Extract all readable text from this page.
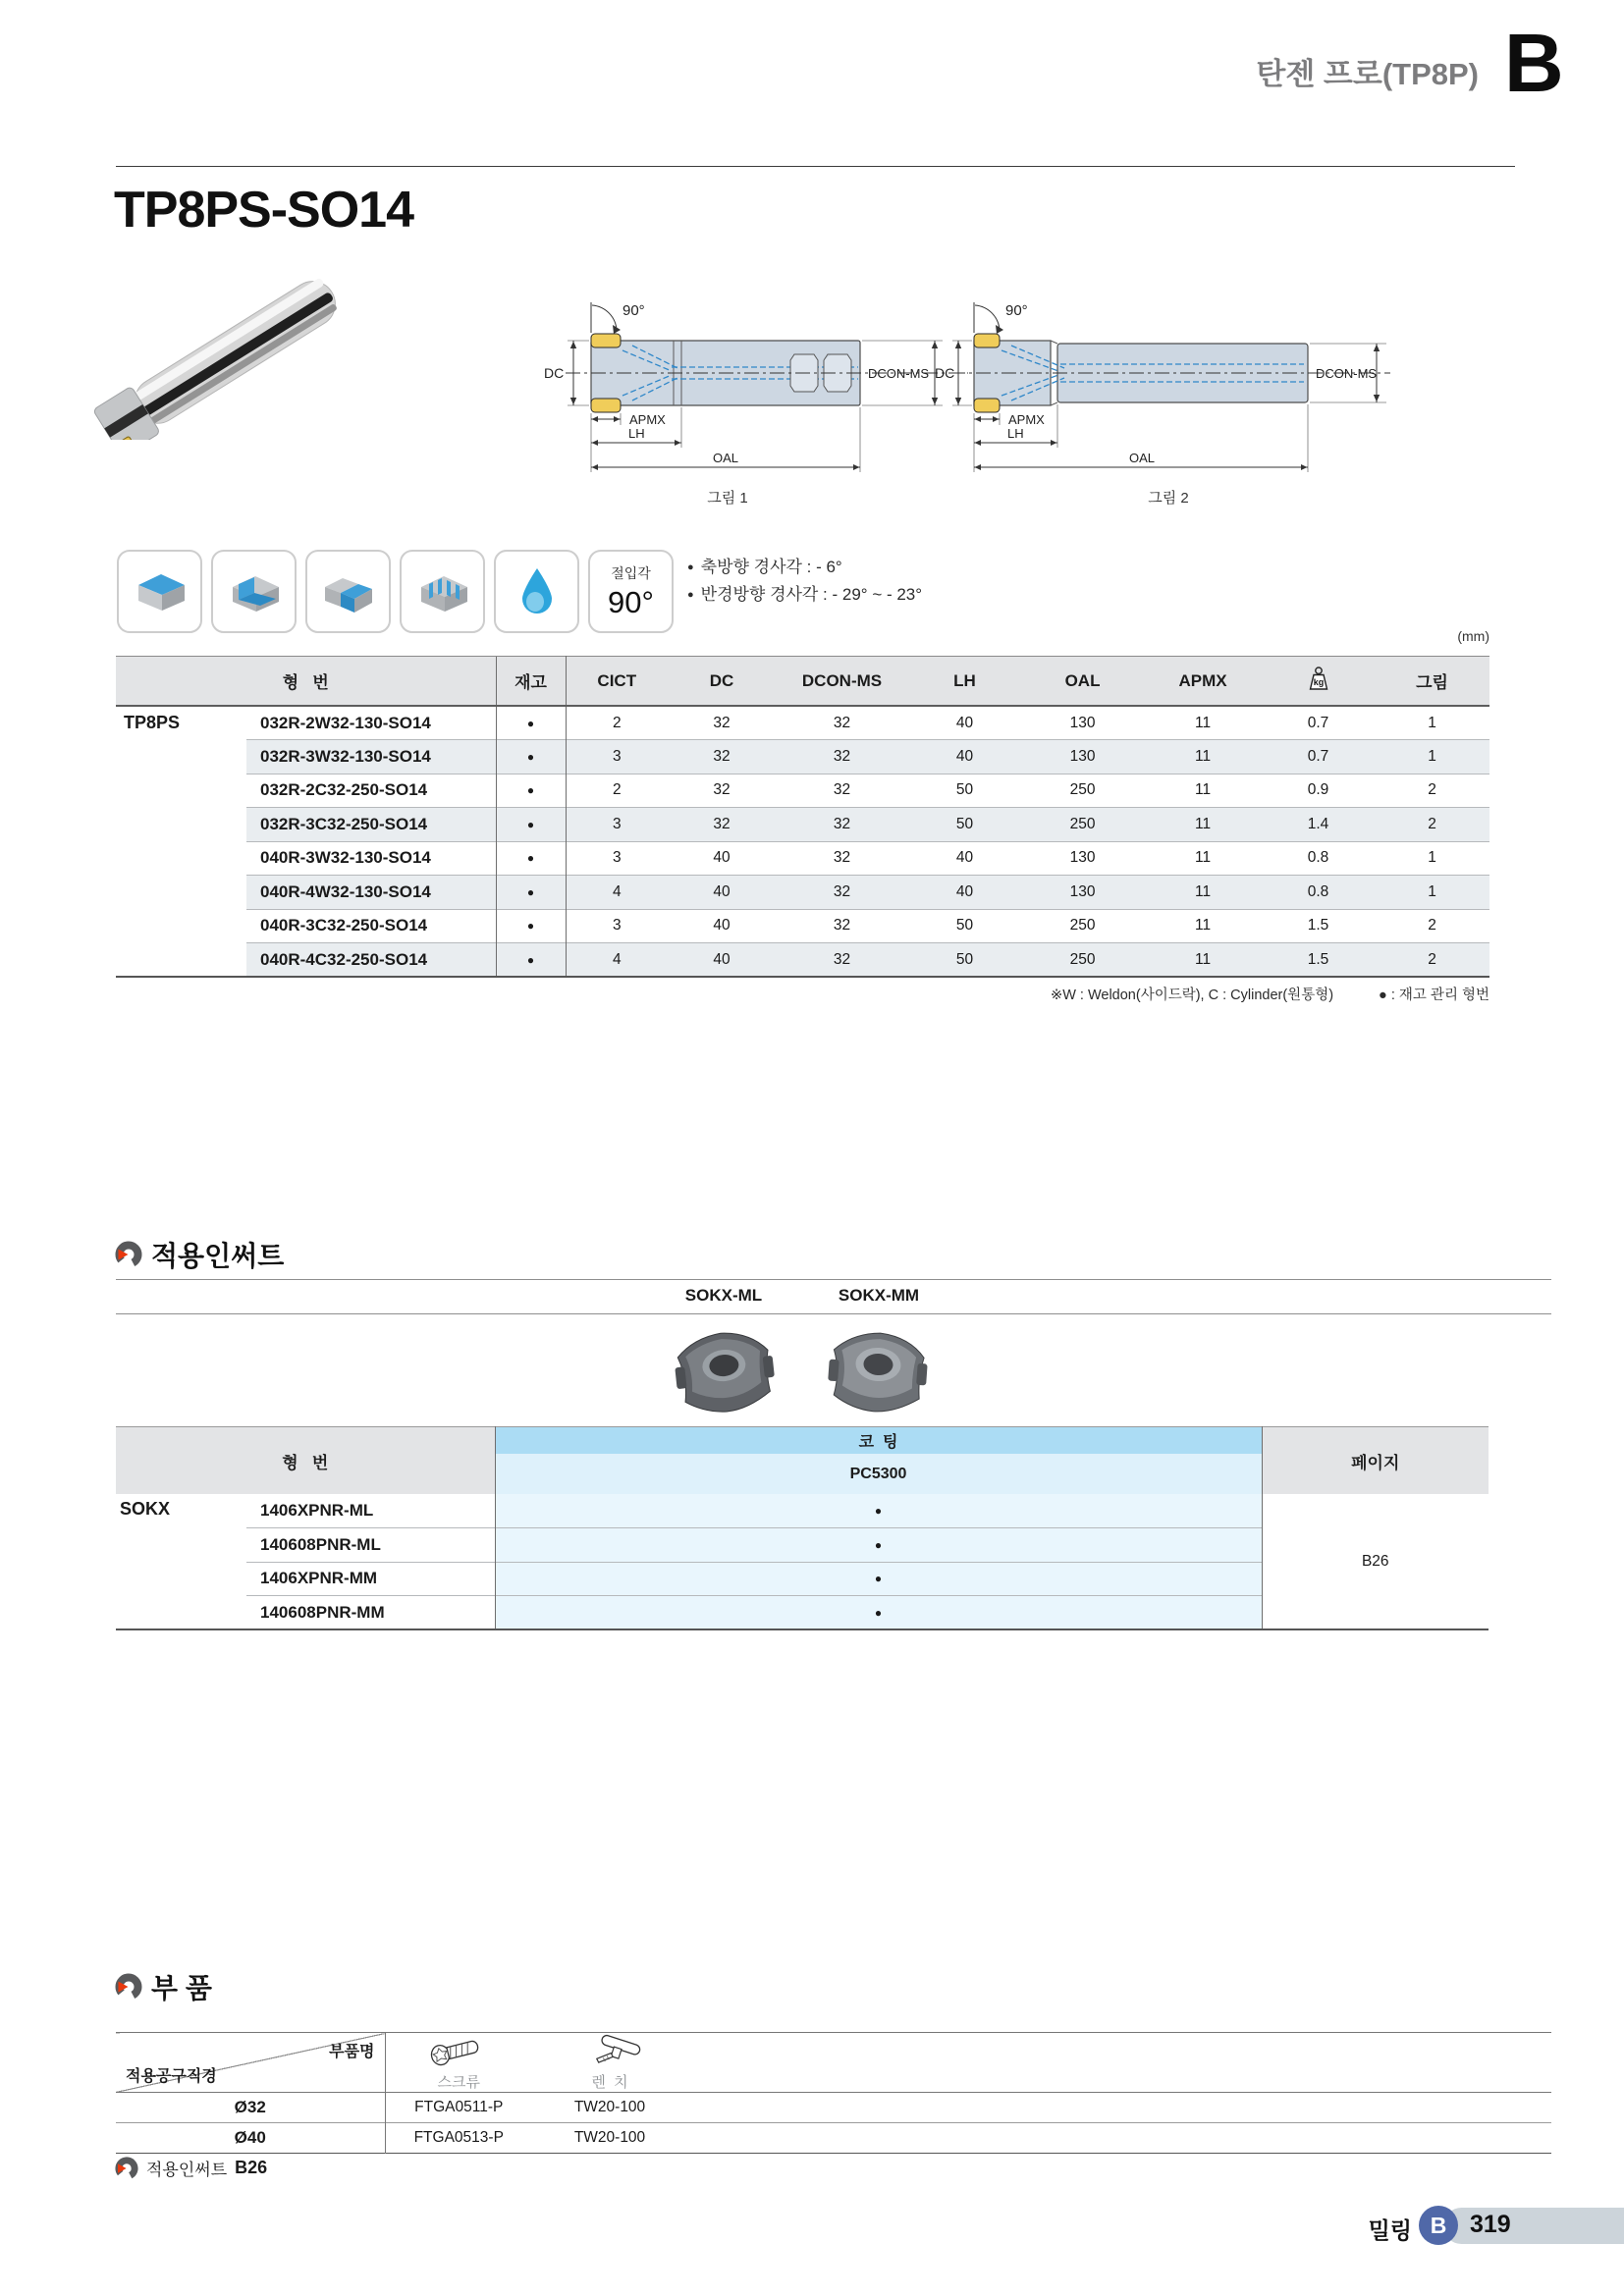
탄젠 프로(TP8P) B
TP8PS-SO14
90°
DC	DCON-MS
APMX
LH
OAL
그림 1
90°
DC	DCON-MS
APMX
LH
OAL
그림 2
절입각
90°
● 축방향 경사각 : - 6°
● 반경방향 경사각 : - 29° ~ - 23°
(mm)
형   번		재고	CICT	DC	DCON-MS	LH	OAL	APMX	kg	그림
TP8PS	032R-2W32-130-SO14	●	2	32	32	40	130	11	0.7	1
	032R-3W32-130-SO14	●	3	32	32	40	130	11	0.7	1
	032R-2C32-250-SO14	●	2	32	32	50	250	11	0.9	2
	032R-3C32-250-SO14	●	3	32	32	50	250	11	1.4	2
	040R-3W32-130-SO14	●	3	40	32	40	130	11	0.8	1
	040R-4W32-130-SO14	●	4	40	32	40	130	11	0.8	1
	040R-3C32-250-SO14	●	3	40	32	50	250	11	1.5	2
	040R-4C32-250-SO14	●	4	40	32	50	250	11	1.5	2
※W : Weldon(사이드락), C : Cylinder(원통형)	● : 재고 관리 형번
적용인써트
SOKX-ML	SOKX-MM
형   번		코  팅	페이지
		PC5300	
SOKX	1406XPNR-ML	●	B26
	140608PNR-ML	●	
	1406XPNR-MM	●	
	140608PNR-MM	●	
부 품
부품명
적용공구직경	스크류	렌  치	

Ø32	FTGA0511-P	TW20-100	
Ø40	FTGA0513-P	TW20-100	
적용인써트 B26
밀링 B 319
